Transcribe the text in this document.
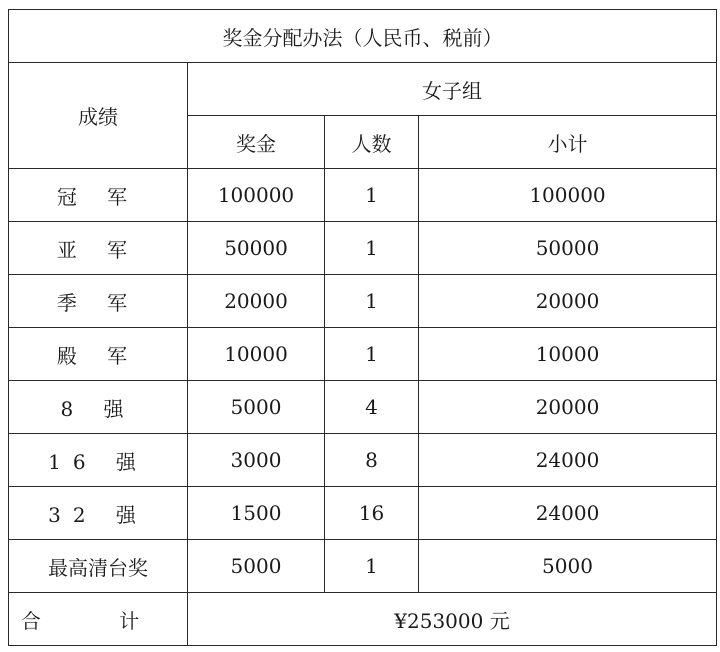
奖金分配办法（人民币、税前）			
成绩	女子组		
	奖金	人数	小计
冠 军	100000	1	100000
亚 军	50000	1	50000
季 军	20000	1	20000
殿 军	10000	1	10000
8 强	5000	4	20000
16 强	3000	8	24000
32 强	1500	16	24000
最高清台奖	5000	1	5000
合 计	¥253000 元		
